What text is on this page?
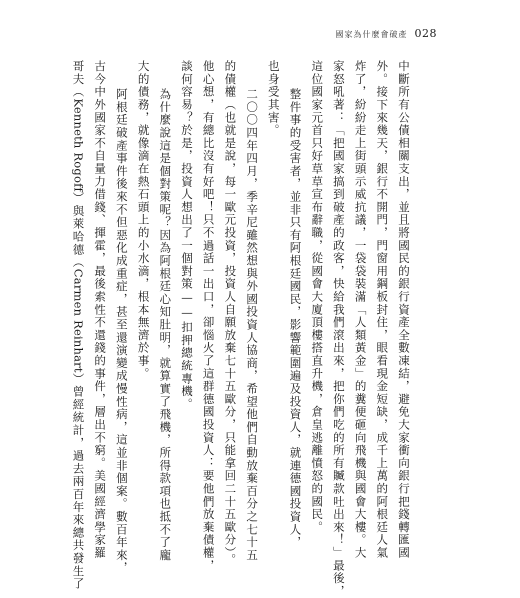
國家為什麼會破產 028
中斷所有公債相關支出，並且將國民的銀行資產全數凍結，避免大家衝向銀行把錢轉匯國
外。接下來幾天，銀行不開門，門窗用鋼板封住，眼看現金短缺，成千上萬的阿根廷人氣
炸了，紛紛走上街頭示威抗議，一袋袋裝滿「人類黃金」的糞便砸向飛機與國會大樓。大
家怒吼著：「把國家搞到破產的政客，快給我們滾出來，把你們吃的所有贓款吐出來！」最後，
這位國家元首只好草草宣布辭職，從國會大廈頂樓搭直升機，倉皇逃離憤怒的國民。
整件事的受害者，並非只有阿根廷國民，影響範圍遍及投資人，就連德國投資人，
也身受其害。
二〇〇四年四月，季辛尼雖然想與外國投資人協商，希望他們自動放棄百分之七十五
的債權（也就是說，每一歐元投資，投資人自願放棄七十五歐分，只能拿回二十五歐分）。
他心想，有總比沒有好吧！只不過話一出口，卻惱火了這群德國投資人：要他們放棄債權，
談何容易？於是，投資人想出了一個對策——扣押總統專機。
為什麼說這是個對策呢？因為阿根廷心知肚明，就算實了飛機，所得款項也抵不了龐
大的債務，就像滴在熱石頭上的小水滴，根本無濟於事。
阿根廷破產事件後來不但惡化成重症，甚至還演變成慢性病，這並非個案。數百年來，
古今中外國家不自量力借錢、揮霍，最後索性不還錢的事件，層出不窮。美國經濟學家羅
哥夫（Kenneth Rogoff）與萊哈德（Carmen Reinhart）曾經統計，過去兩百年來總共發生了
